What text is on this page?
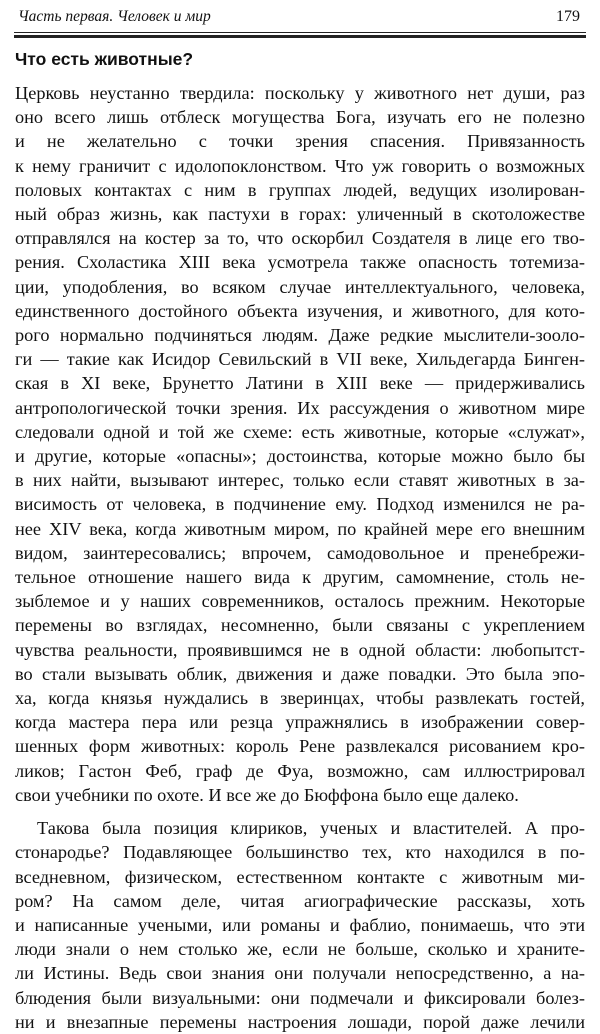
Часть первая. Человек и мир	179
Что есть животные?
Церковь неустанно твердила: поскольку у животного нет души, раз
оно всего лишь отблеск могущества Бога, изучать его не полезно
и не желательно с точки зрения спасения. Привязанность
к нему граничит с идолопоклонством. Что уж говорить о возможных
половых контактах с ним в группах людей, ведущих изолирован-
ный образ жизнь, как пастухи в горах: уличенный в скотоложестве
отправлялся на костер за то, что оскорбил Создателя в лице его тво-
рения. Схоластика XIII века усмотрела также опасность тотемиза-
ции, уподобления, во всяком случае интеллектуального, человека,
единственного достойного объекта изучения, и животного, для кото-
рого нормально подчиняться людям. Даже редкие мыслители-зооло-
ги — такие как Исидор Севильский в VII веке, Хильдегарда Бинген-
ская в XI веке, Брунетто Латини в XIII веке — придерживались
антропологической точки зрения. Их рассуждения о животном мире
следовали одной и той же схеме: есть животные, которые «служат»,
и другие, которые «опасны»; достоинства, которые можно было бы
в них найти, вызывают интерес, только если ставят животных в за-
висимость от человека, в подчинение ему. Подход изменился не ра-
нее XIV века, когда животным миром, по крайней мере его внешним
видом, заинтересовались; впрочем, самодовольное и пренебрежи-
тельное отношение нашего вида к другим, самомнение, столь не-
зыблемое и у наших современников, осталось прежним. Некоторые
перемены во взглядах, несомненно, были связаны с укреплением
чувства реальности, проявившимся не в одной области: любопытст-
во стали вызывать облик, движения и даже повадки. Это была эпо-
ха, когда князья нуждались в зверинцах, чтобы развлекать гостей,
когда мастера пера или резца упражнялись в изображении совер-
шенных форм животных: король Рене развлекался рисованием кро-
ликов; Гастон Феб, граф де Фуа, возможно, сам иллюстрировал
свои учебники по охоте. И все же до Бюффона было еще далеко.
Такова была позиция клириков, ученых и властителей. А про-
стонародье? Подавляющее большинство тех, кто находился в по-
вседневном, физическом, естественном контакте с животным ми-
ром? На самом деле, читая агиографические рассказы, хоть
и написанные учеными, или романы и фаблио, понимаешь, что эти
люди знали о нем столько же, если не больше, сколько и храните-
ли Истины. Ведь свои знания они получали непосредственно, а на-
блюдения были визуальными: они подмечали и фиксировали болез-
ни и внезапные перемены настроения лошади, порой даже лечили
